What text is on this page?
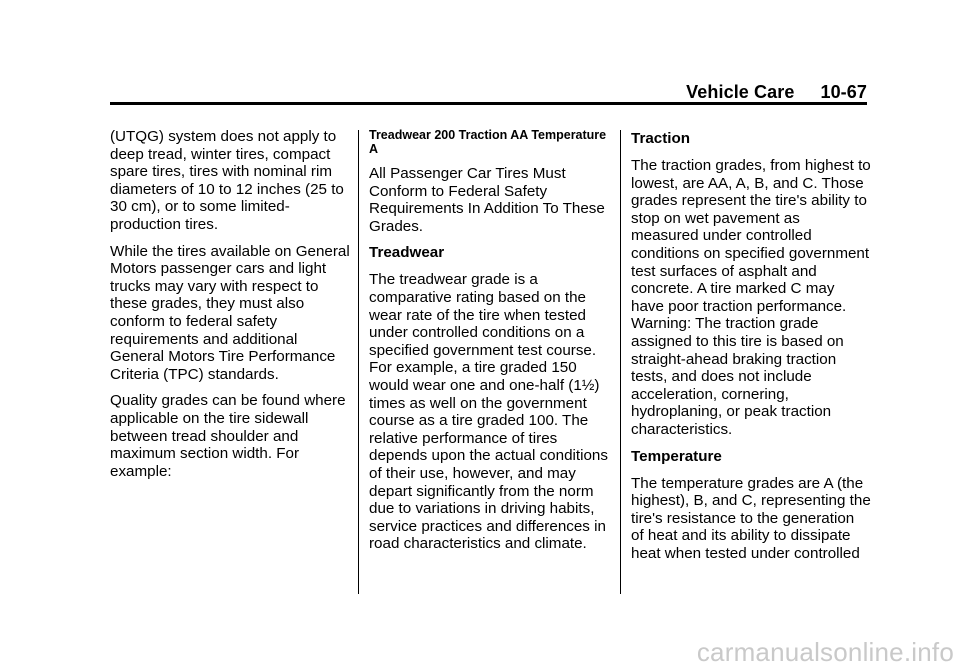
Vehicle Care 10-67

(UTQG) system does not apply to deep tread, winter tires, compact spare tires, tires with nominal rim diameters of 10 to 12 inches (25 to 30 cm), or to some limited-production tires.

While the tires available on General Motors passenger cars and light trucks may vary with respect to these grades, they must also conform to federal safety requirements and additional General Motors Tire Performance Criteria (TPC) standards.

Quality grades can be found where applicable on the tire sidewall between tread shoulder and maximum section width. For example:

Treadwear 200 Traction AA Temperature A

All Passenger Car Tires Must Conform to Federal Safety Requirements In Addition To These Grades.

Treadwear

The treadwear grade is a comparative rating based on the wear rate of the tire when tested under controlled conditions on a specified government test course. For example, a tire graded 150 would wear one and one-half (1½) times as well on the government course as a tire graded 100. The relative performance of tires depends upon the actual conditions of their use, however, and may depart significantly from the norm due to variations in driving habits, service practices and differences in road characteristics and climate.

Traction

The traction grades, from highest to lowest, are AA, A, B, and C. Those grades represent the tire's ability to stop on wet pavement as measured under controlled conditions on specified government test surfaces of asphalt and concrete. A tire marked C may have poor traction performance. Warning: The traction grade assigned to this tire is based on straight-ahead braking traction tests, and does not include acceleration, cornering, hydroplaning, or peak traction characteristics.

Temperature

The temperature grades are A (the highest), B, and C, representing the tire's resistance to the generation of heat and its ability to dissipate heat when tested under controlled

carmanualsonline.info
